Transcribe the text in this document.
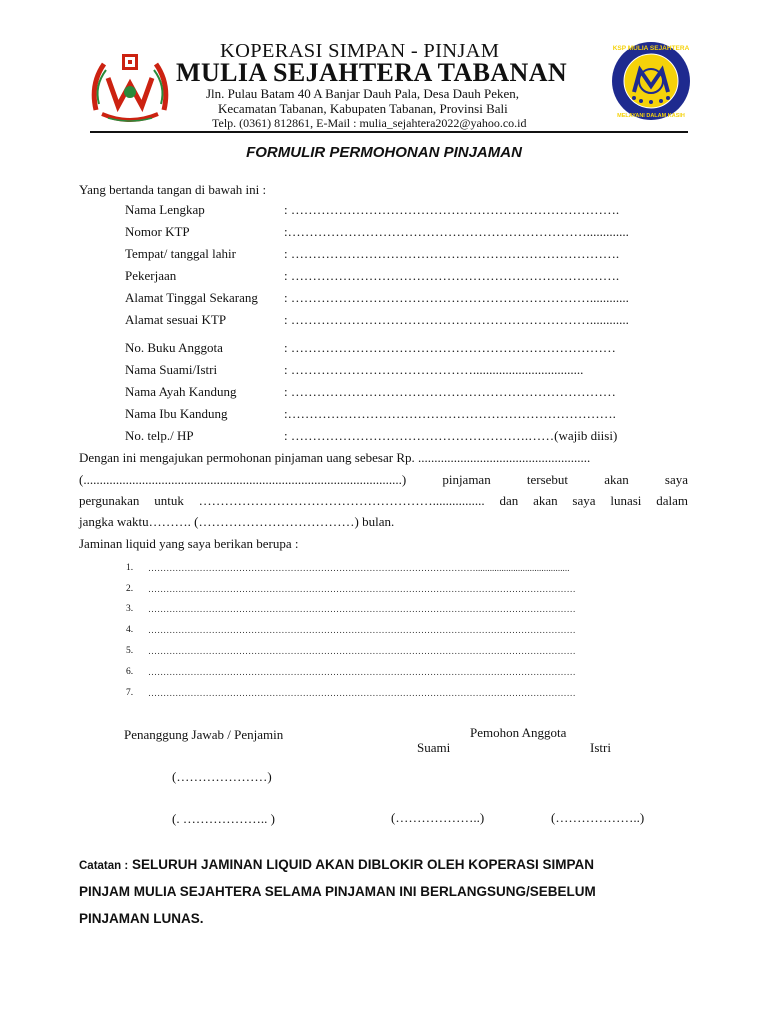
KSP MULIA SEJAHTERA
MELAYANI DALAM KASIH
KOPERASI SIMPAN - PINJAM
MULIA SEJAHTERA TABANAN
Jln. Pulau Batam 40 A Banjar Dauh Pala, Desa Dauh Peken,
Kecamatan Tabanan, Kabupaten Tabanan, Provinsi Bali
Telp. (0361) 812861, E-Mail : mulia_sejahtera2022@yahoo.co.id
FORMULIR PERMOHONAN PINJAMAN
Yang bertanda tangan di bawah ini :
Nama Lengkap	: ………………………………………………………………….
Nomor KTP	:…………………………………………………………….............
Tempat/ tanggal lahir	: ………………………………………………………………….
Pekerjaan	: ………………………………………………………………….
Alamat Tinggal Sekarang : ……………………………………………………………............
Alamat sesuai KTP	: ……………………………………………………………............
No. Buku Anggota	: …………………………………………………………………
Nama Suami/Istri	: ……………………………………..................................
Nama Ayah Kandung	: …………………………………………………………………
Nama Ibu Kandung	:………………………………………………………………….
No. telp./ HP	: ……………………………………………….……(wajib diisi)
Dengan ini mengajukan permohonan pinjaman uang sebesar Rp. .....................................................
(..................................................................................................) pinjaman tersebut akan saya
pergunakan untuk ………………………………………………................ dan akan saya lunasi dalam
jangka waktu………. (………………………………) bulan.
Jaminan liquid yang saya berikan berupa :
1. ………………………………………………………………………………………………........................................
2. ……………………………………………………………………………………………………………………………
3. ……………………………………………………………………………………………………………………………
4. ……………………………………………………………………………………………………………………………
5. ……………………………………………………………………………………………………………………………
6. ……………………………………………………………………………………………………………………………
7. ……………………………………………………………………………………………………………………………
Penanggung Jawab / Penjamin	Pemohon Anggota
Suami	Istri
(…………………)
(. ……………….. )	(………………..)	(………………..)
Catatan : SELURUH JAMINAN LIQUID AKAN DIBLOKIR OLEH KOPERASI SIMPAN
PINJAM MULIA SEJAHTERA SELAMA PINJAMAN INI BERLANGSUNG/SEBELUM
PINJAMAN LUNAS.
